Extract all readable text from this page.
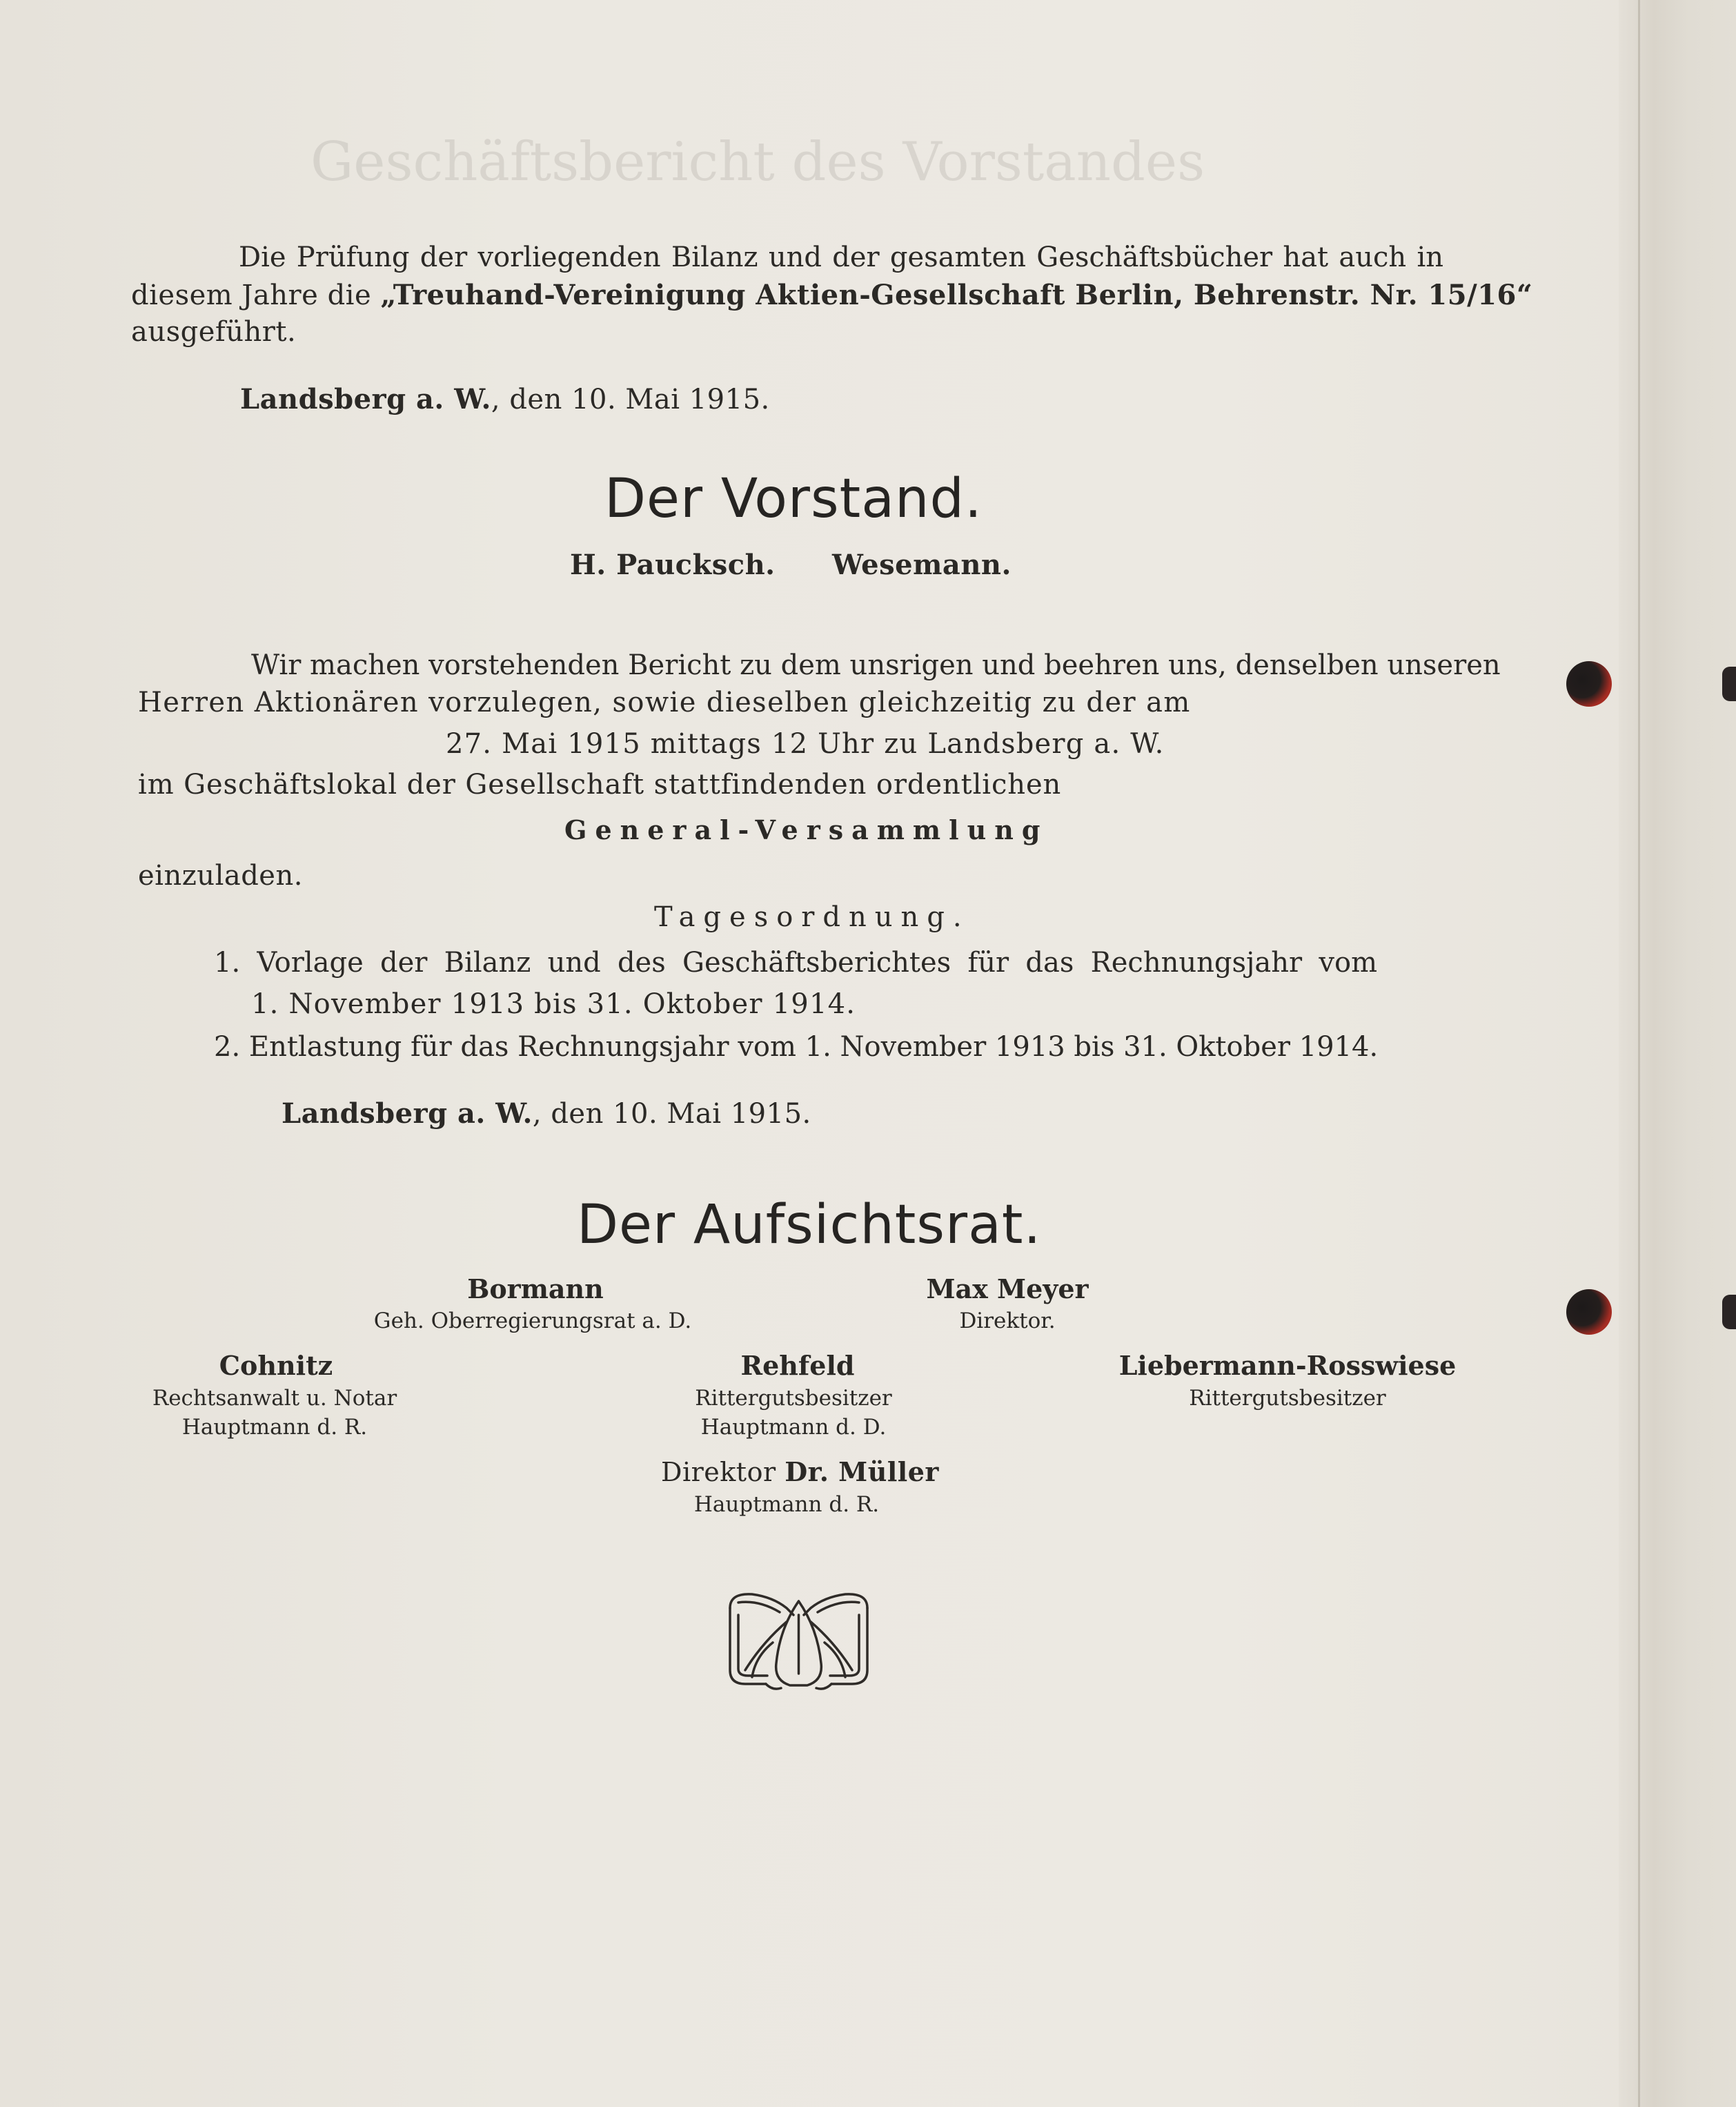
Geschäftsbericht des Vorstandes
Die Prüfung der vorliegenden Bilanz und der gesamten Geschäftsbücher hat auch in
diesem Jahre die „Treuhand-Vereinigung Aktien-Gesellschaft Berlin, Behrenstr. Nr. 15/16“
ausgeführt.
Landsberg a. W., den 10. Mai 1915.
Der Vorstand.
H. Paucksch. Wesemann.
Wir machen vorstehenden Bericht zu dem unsrigen und beehren uns, denselben unseren
Herren Aktionären vorzulegen, sowie dieselben gleichzeitig zu der am
27. Mai 1915 mittags 12 Uhr zu Landsberg a. W.
im Geschäftslokal der Gesellschaft stattfindenden ordentlichen
General-Versammlung
einzuladen.
Tagesordnung.
1. Vorlage der Bilanz und des Geschäftsberichtes für das Rechnungsjahr vom
1. November 1913 bis 31. Oktober 1914.
2. Entlastung für das Rechnungsjahr vom 1. November 1913 bis 31. Oktober 1914.
Landsberg a. W., den 10. Mai 1915.
Der Aufsichtsrat.
Bormann
Geh. Oberregierungsrat a. D.
Max Meyer
Direktor.
Cohnitz
Rechtsanwalt u. Notar
Hauptmann d. R.
Rehfeld
Rittergutsbesitzer
Hauptmann d. D.
Liebermann-Rosswiese
Rittergutsbesitzer
Direktor Dr. Müller
Hauptmann d. R.
